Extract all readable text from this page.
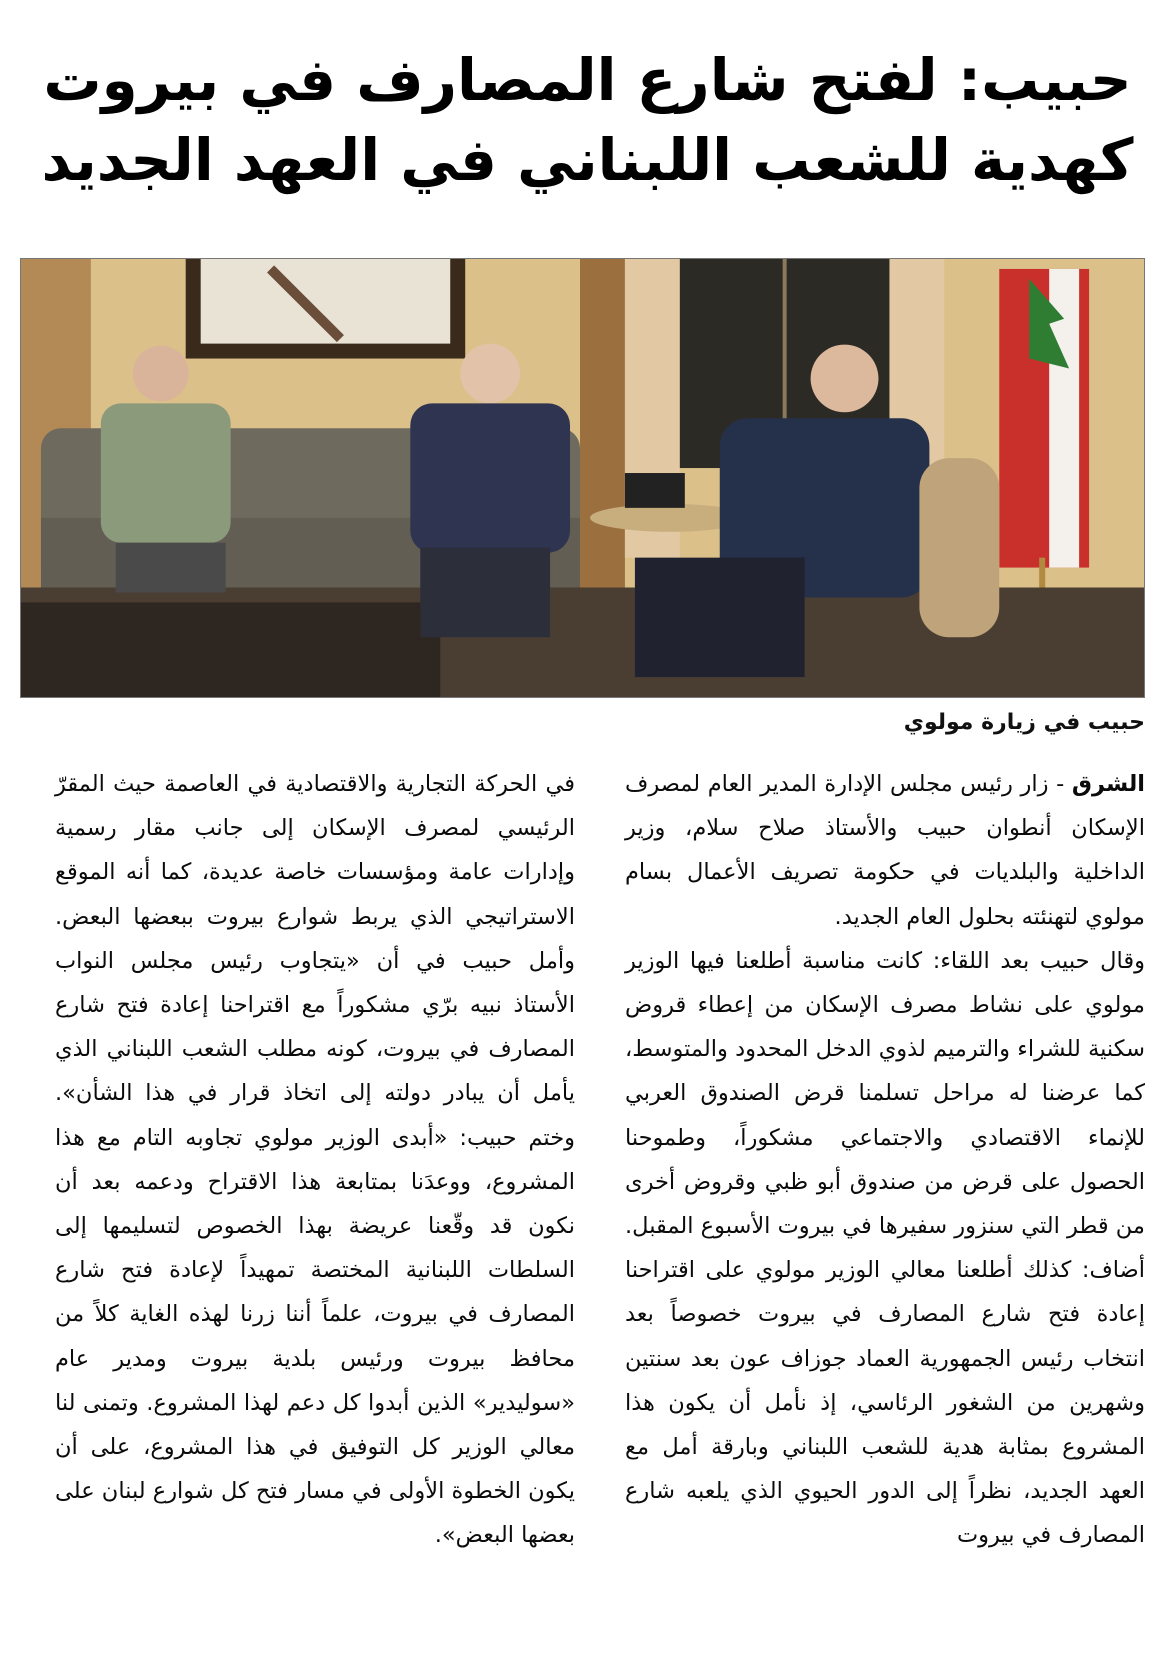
حبيب: لفتح شارع المصارف في بيروت
كهدية للشعب اللبناني في العهد الجديد
حبيب في زيارة مولوي

الشرق - زار رئيس مجلس الإدارة المدير العام لمصرف الإسكان أنطوان حبيب والأستاذ صلاح سلام، وزير الداخلية والبلديات في حكومة تصريف الأعمال بسام مولوي لتهنئته بحلول العام الجديد.

وقال حبيب بعد اللقاء: كانت مناسبة أطلعنا فيها الوزير مولوي على نشاط مصرف الإسكان من إعطاء قروض سكنية للشراء والترميم لذوي الدخل المحدود والمتوسط، كما عرضنا له مراحل تسلمنا قرض الصندوق العربي للإنماء الاقتصادي والاجتماعي مشكوراً، وطموحنا الحصول على قرض من صندوق أبو ظبي وقروض أخرى من قطر التي سنزور سفيرها في بيروت الأسبوع المقبل. أضاف: كذلك أطلعنا معالي الوزير مولوي على اقتراحنا إعادة فتح شارع المصارف في بيروت خصوصاً بعد انتخاب رئيس الجمهورية العماد جوزاف عون بعد سنتين وشهرين من الشغور الرئاسي، إذ نأمل أن يكون هذا المشروع بمثابة هدية للشعب اللبناني وبارقة أمل مع العهد الجديد، نظراً إلى الدور الحيوي الذي يلعبه شارع المصارف في بيروت

في الحركة التجارية والاقتصادية في العاصمة حيث المقرّ الرئيسي لمصرف الإسكان إلى جانب مقار رسمية وإدارات عامة ومؤسسات خاصة عديدة، كما أنه الموقع الاستراتيجي الذي يربط شوارع بيروت ببعضها البعض. وأمل حبيب في أن «يتجاوب رئيس مجلس النواب الأستاذ نبيه برّي مشكوراً مع اقتراحنا إعادة فتح شارع المصارف في بيروت، كونه مطلب الشعب اللبناني الذي يأمل أن يبادر دولته إلى اتخاذ قرار في هذا الشأن». وختم حبيب: «أبدى الوزير مولوي تجاوبه التام مع هذا المشروع، ووعدَنا بمتابعة هذا الاقتراح ودعمه بعد أن نكون قد وقّعنا عريضة بهذا الخصوص لتسليمها إلى السلطات اللبنانية المختصة تمهيداً لإعادة فتح شارع المصارف في بيروت، علماً أننا زرنا لهذه الغاية كلاً من محافظ بيروت ورئيس بلدية بيروت ومدير عام «سوليدير» الذين أبدوا كل دعم لهذا المشروع. وتمنى لنا معالي الوزير كل التوفيق في هذا المشروع، على أن يكون الخطوة الأولى في مسار فتح كل شوارع لبنان على بعضها البعض».
